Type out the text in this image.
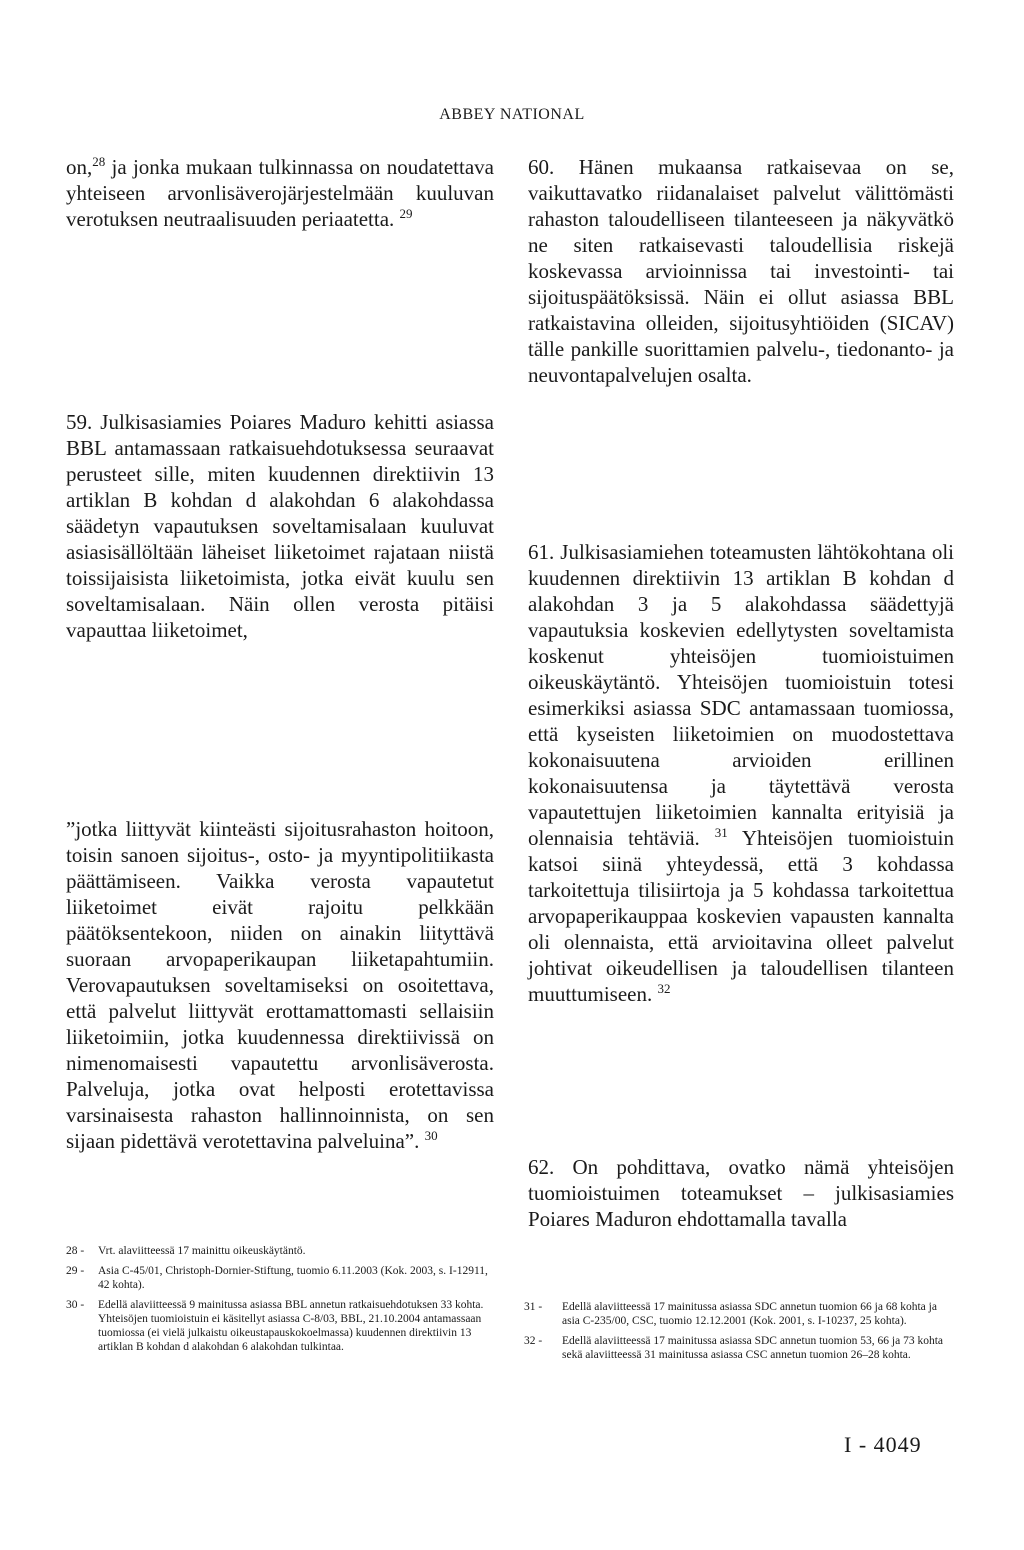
ABBEY NATIONAL

on,$^{28}$ ja jonka mukaan tulkinnassa on noudatettava yhteiseen arvonlisäverojärjestelmään kuuluvan verotuksen neutraalisuuden periaatetta. $^{29}$

59. Julkisasiamies Poiares Maduro kehitti asiassa BBL antamassaan ratkaisuehdotuksessa seuraavat perusteet sille, miten kuudennen direktiivin 13 artiklan B kohdan d alakohdan 6 alakohdassa säädetyn vapautuksen soveltamisalaan kuuluvat asiasisällöltään läheiset liiketoimet rajataan niistä toissijaisista liiketoimista, jotka eivät kuulu sen soveltamisalaan. Näin ollen verosta pitäisi vapauttaa liiketoimet,

”jotka liittyvät kiinteästi sijoitusrahaston hoitoon, toisin sanoen sijoitus-, osto- ja myyntipolitiikasta päättämiseen. Vaikka verosta vapautetut liiketoimet eivät rajoitu pelkkään päätöksentekoon, niiden on ainakin liityttävä suoraan arvopaperikaupan liiketapahtumiin. Verovapautuksen soveltamiseksi on osoitettava, että palvelut liittyvät erottamattomasti sellaisiin liiketoimiin, jotka kuudennessa direktiivissä on nimenomaisesti vapautettu arvonlisäverosta. Palveluja, jotka ovat helposti erotettavissa varsinaisesta rahaston hallinnoinnista, on sen sijaan pidettävä verotettavina palveluina”. $^{30}$

60. Hänen mukaansa ratkaisevaa on se, vaikuttavatko riidanalaiset palvelut välittömästi rahaston taloudelliseen tilanteeseen ja näkyvätkö ne siten ratkaisevasti taloudellisia riskejä koskevassa arvioinnissa tai investointi- tai sijoituspäätöksissä. Näin ei ollut asiassa BBL ratkaistavina olleiden, sijoitusyhtiöiden (SICAV) tälle pankille suorittamien palvelu-, tiedonanto- ja neuvontapalvelujen osalta.

61. Julkisasiamiehen toteamusten lähtökohtana oli kuudennen direktiivin 13 artiklan B kohdan d alakohdan 3 ja 5 alakohdassa säädettyjä vapautuksia koskevien edellytysten soveltamista koskenut yhteisöjen tuomioistuimen oikeuskäytäntö. Yhteisöjen tuomioistuin totesi esimerkiksi asiassa SDC antamassaan tuomiossa, että kyseisten liiketoimien on muodostettava kokonaisuutena arvioiden erillinen kokonaisuutensa ja täytettävä verosta vapautettujen liiketoimien kannalta erityisiä ja olennaisia tehtäviä. $^{31}$ Yhteisöjen tuomioistuin katsoi siinä yhteydessä, että 3 kohdassa tarkoitettuja tilisiirtoja ja 5 kohdassa tarkoitettua arvopaperikauppaa koskevien vapausten kannalta oli olennaista, että arvioitavina olleet palvelut johtivat oikeudellisen ja taloudellisen tilanteen muuttumiseen. $^{32}$

62. On pohdittava, ovatko nämä yhteisöjen tuomioistuimen toteamukset – julkisasiamies Poiares Maduron ehdottamalla tavalla

28 -	Vrt. alaviitteessä 17 mainittu oikeuskäytäntö.
29 -	Asia C-45/01, Christoph-Dornier-Stiftung, tuomio 6.11.2003 (Kok. 2003, s. I-12911, 42 kohta).
30 -	Edellä alaviitteessä 9 mainitussa asiassa BBL annetun ratkaisuehdotuksen 33 kohta. Yhteisöjen tuomioistuin ei käsitellyt asiassa C-8/03, BBL, 21.10.2004 antamassaan tuomiossa (ei vielä julkaistu oikeustapauskokoelmassa) kuudennen direktiivin 13 artiklan B kohdan d alakohdan 6 alakohdan tulkintaa.
31 -	Edellä alaviitteessä 17 mainitussa asiassa SDC annetun tuomion 66 ja 68 kohta ja asia C-235/00, CSC, tuomio 12.12.2001 (Kok. 2001, s. I-10237, 25 kohta).
32 -	Edellä alaviitteessä 17 mainitussa asiassa SDC annetun tuomion 53, 66 ja 73 kohta sekä alaviitteessä 31 mainitussa asiassa CSC annetun tuomion 26–28 kohta.
I - 4049
